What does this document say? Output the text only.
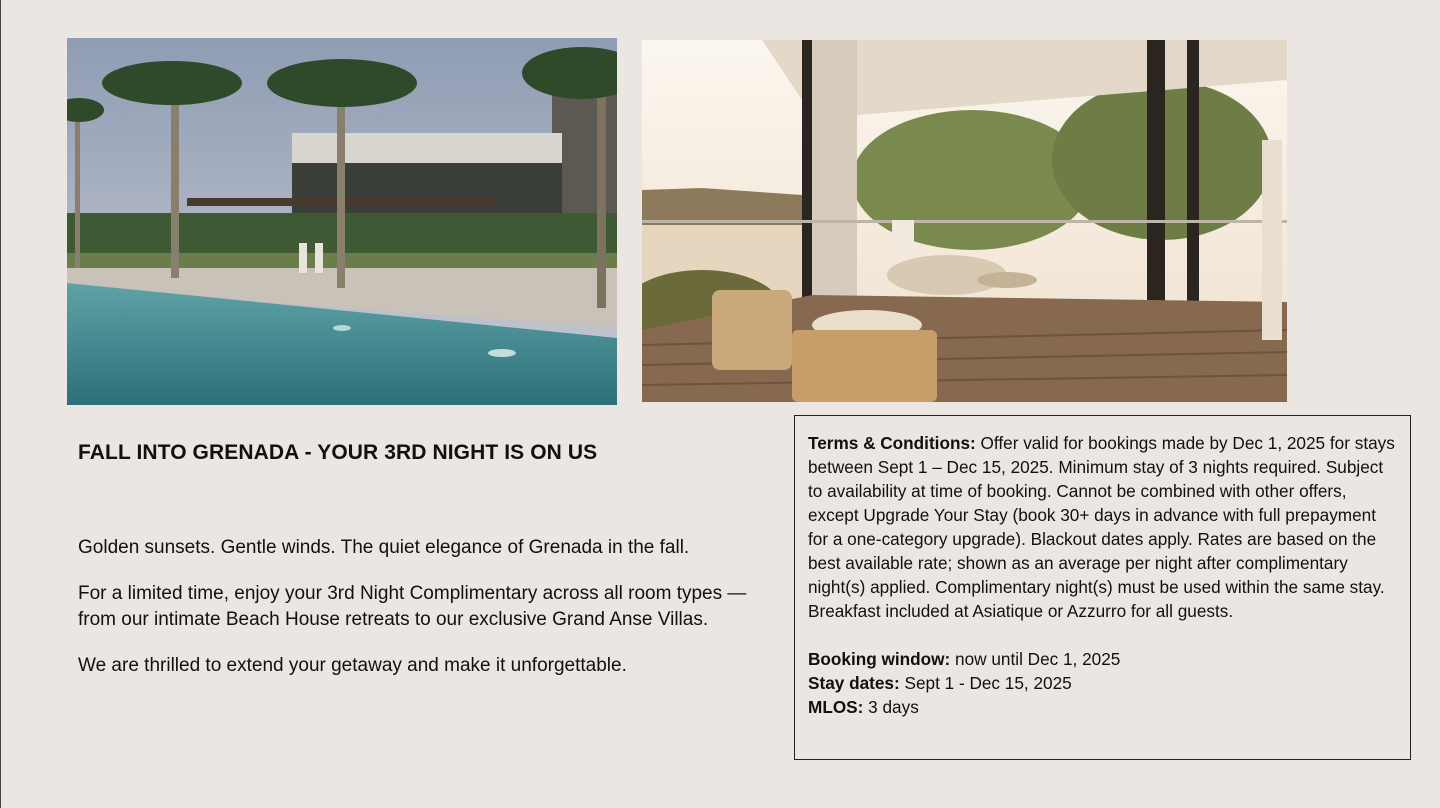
FALL INTO GRENADA - YOUR 3RD NIGHT IS ON US

Golden sunsets. Gentle winds. The quiet elegance of Grenada in the fall.

For a limited time, enjoy your 3rd Night Complimentary across all room types — from our intimate Beach House retreats to our exclusive Grand Anse Villas.

We are thrilled to extend your getaway and make it unforgettable.

Terms & Conditions: Offer valid for bookings made by Dec 1, 2025 for stays between Sept 1 – Dec 15, 2025. Minimum stay of 3 nights required. Subject to availability at time of booking. Cannot be combined with other offers, except Upgrade Your Stay (book 30+ days in advance with full prepayment for a one-category upgrade). Blackout dates apply. Rates are based on the best available rate; shown as an average per night after complimentary night(s) applied. Complimentary night(s) must be used within the same stay. Breakfast included at Asiatique or Azzurro for all guests.

Booking window: now until Dec 1, 2025

Stay dates: Sept 1 - Dec 15, 2025

MLOS: 3 days
